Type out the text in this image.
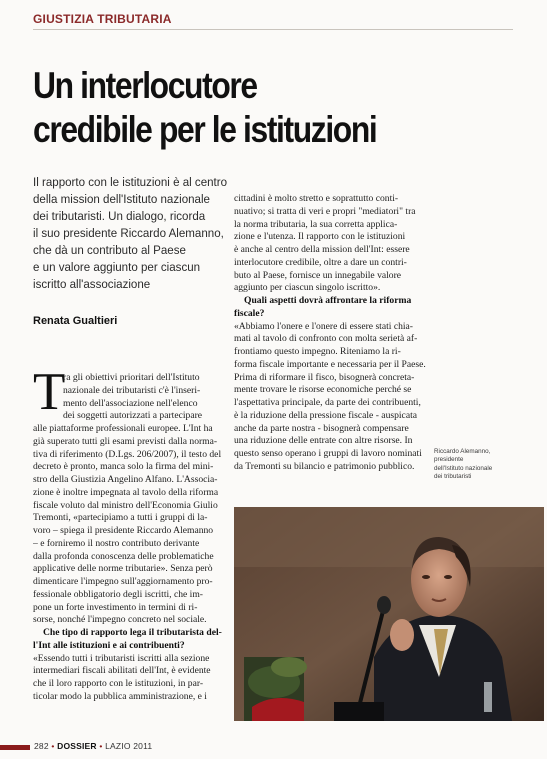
GIUSTIZIA TRIBUTARIA
Un interlocutore
credibile per le istituzioni
Il rapporto con le istituzioni è al centro
della mission dell'Istituto nazionale
dei tributaristi. Un dialogo, ricorda
il suo presidente Riccardo Alemanno,
che dà un contributo al Paese
e un valore aggiunto per ciascun
iscritto all'associazione
Renata Gualtieri
T
ra gli obiettivi prioritari dell'Istituto
nazionale dei tributaristi c'è l'inseri-
mento dell'associazione nell'elenco
dei soggetti autorizzati a partecipare
alle piattaforme professionali europee. L'Int ha
già superato tutti gli esami previsti dalla norma-
tiva di riferimento (D.Lgs. 206/2007), il testo del
decreto è pronto, manca solo la firma del mini-
stro della Giustizia Angelino Alfano. L'Associa-
zione è inoltre impegnata al tavolo della riforma
fiscale voluto dal ministro dell'Economia Giulio
Tremonti, «partecipiamo a tutti i gruppi di la-
voro – spiega il presidente Riccardo Alemanno
– e forniremo il nostro contributo derivante
dalla profonda conoscenza delle problematiche
applicative delle norme tributarie». Senza però
dimenticare l'impegno sull'aggiornamento pro-
fessionale obbligatorio degli iscritti, che im-
pone un forte investimento in termini di ri-
sorse, nonché l'impegno concreto nel sociale.
Che tipo di rapporto lega il tributarista del-
l'Int alle istituzioni e ai contribuenti?
«Essendo tutti i tributaristi iscritti alla sezione
intermediari fiscali abilitati dell'Int, è evidente
che il loro rapporto con le istituzioni, in par-
ticolar modo la pubblica amministrazione, e i
cittadini è molto stretto e soprattutto conti-
nuativo; si tratta di veri e propri "mediatori" tra
la norma tributaria, la sua corretta applica-
zione e l'utenza. Il rapporto con le istituzioni
è anche al centro della mission dell'Int: essere
interlocutore credibile, oltre a dare un contri-
buto al Paese, fornisce un innegabile valore
aggiunto per ciascun singolo iscritto».
Quali aspetti dovrà affrontare la riforma
fiscale?
«Abbiamo l'onere e l'onere di essere stati chia-
mati al tavolo di confronto con molta serietà af-
frontiamo questo impegno. Riteniamo la ri-
forma fiscale importante e necessaria per il Paese.
Prima di riformare il fisco, bisognerà concreta-
mente trovare le risorse economiche perché se
l'aspettativa principale, da parte dei contribuenti,
è la riduzione della pressione fiscale - auspicata
anche da parte nostra - bisognerà compensare
una riduzione delle entrate con altre risorse. In
questo senso operano i gruppi di lavoro nominati
da Tremonti su bilancio e patrimonio pubblico.
Riccardo Alemanno,
presidente
dell'Istituto nazionale
dei tributaristi
282 • DOSSIER • LAZIO 2011
